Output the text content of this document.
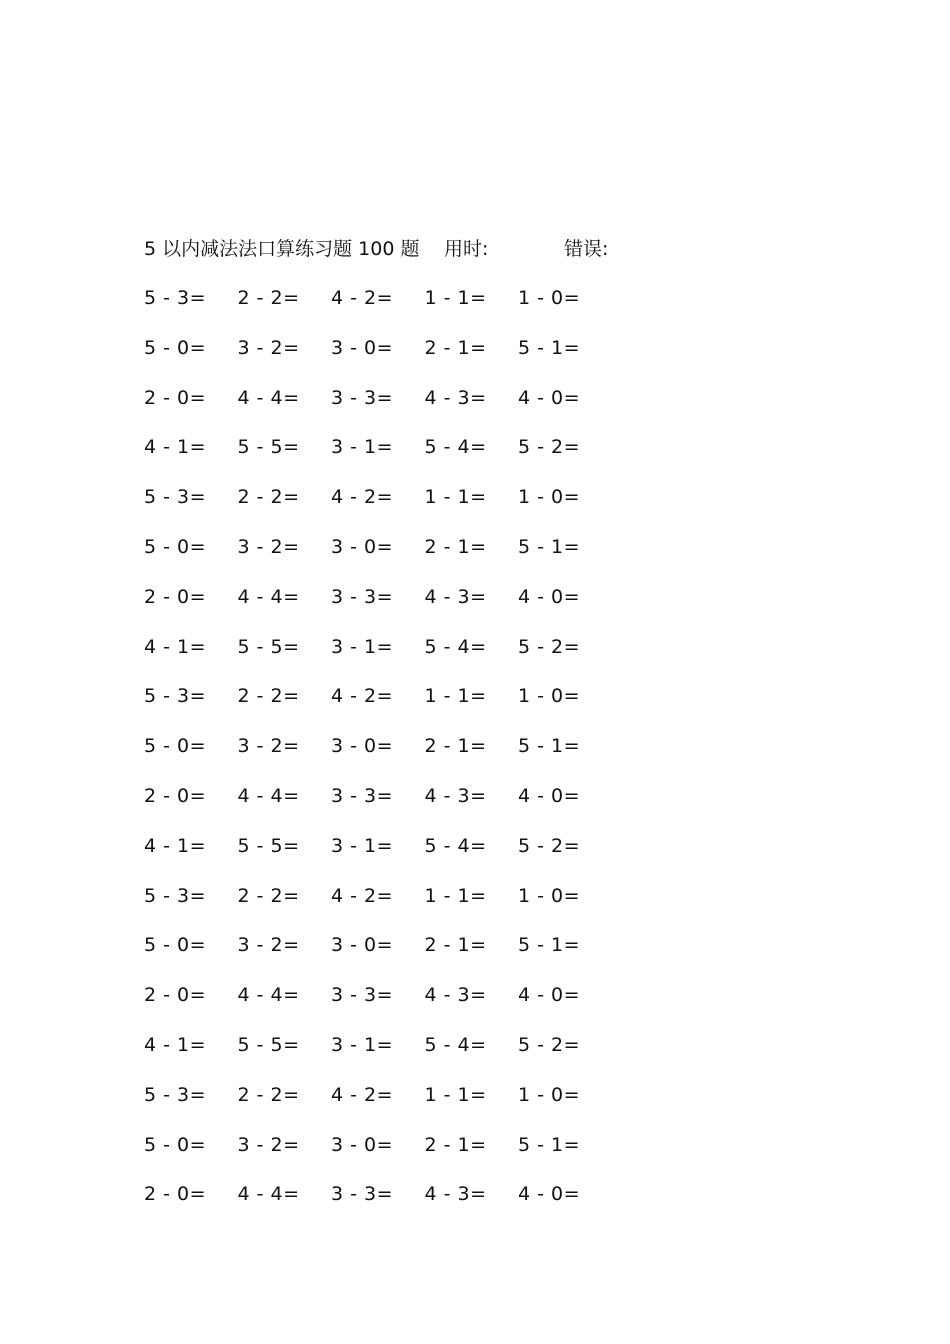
5 以内减法法口算练习题 100 题 用时:	错误:
5 - 3= 2 - 2= 4 - 2= 1 - 1= 1 - 0=
5 - 0= 3 - 2= 3 - 0= 2 - 1= 5 - 1=
2 - 0= 4 - 4= 3 - 3= 4 - 3= 4 - 0=
4 - 1= 5 - 5= 3 - 1= 5 - 4= 5 - 2=
5 - 3= 2 - 2= 4 - 2= 1 - 1= 1 - 0=
5 - 0= 3 - 2= 3 - 0= 2 - 1= 5 - 1=
2 - 0= 4 - 4= 3 - 3= 4 - 3= 4 - 0=
4 - 1= 5 - 5= 3 - 1= 5 - 4= 5 - 2=
5 - 3= 2 - 2= 4 - 2= 1 - 1= 1 - 0=
5 - 0= 3 - 2= 3 - 0= 2 - 1= 5 - 1=
2 - 0= 4 - 4= 3 - 3= 4 - 3= 4 - 0=
4 - 1= 5 - 5= 3 - 1= 5 - 4= 5 - 2=
5 - 3= 2 - 2= 4 - 2= 1 - 1= 1 - 0=
5 - 0= 3 - 2= 3 - 0= 2 - 1= 5 - 1=
2 - 0= 4 - 4= 3 - 3= 4 - 3= 4 - 0=
4 - 1= 5 - 5= 3 - 1= 5 - 4= 5 - 2=
5 - 3= 2 - 2= 4 - 2= 1 - 1= 1 - 0=
5 - 0= 3 - 2= 3 - 0= 2 - 1= 5 - 1=
2 - 0= 4 - 4= 3 - 3= 4 - 3= 4 - 0=
